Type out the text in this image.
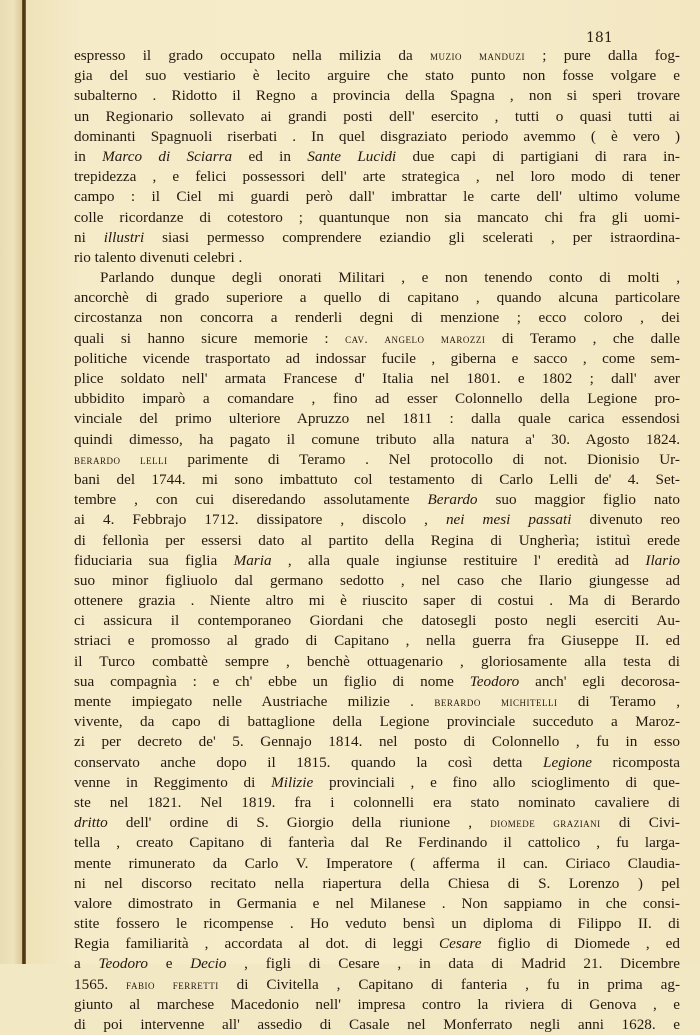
181
espresso il grado occupato nella milizia da muzio manduzi ; pure dalla fog-
gia del suo vestiario è lecito arguire che stato punto non fosse volgare e
subalterno . Ridotto il Regno a provincia della Spagna , non si speri trovare
un Regionario sollevato ai grandi posti dell' esercito , tutti o quasi tutti ai
dominanti Spagnuoli riserbati . In quel disgraziato periodo avemmo ( è vero )
in Marco di Sciarra ed in Sante Lucidi due capi di partigiani di rara in-
trepidezza , e felici possessori dell' arte strategica , nel loro modo di tener
campo : il Ciel mi guardi però dall' imbrattar le carte dell' ultimo volume
colle ricordanze di cotestoro ; quantunque non sia mancato chi fra gli uomi-
ni illustri siasi permesso comprendere eziandio gli scelerati , per istraordina-
rio talento divenuti celebri .
Parlando dunque degli onorati Militari , e non tenendo conto di molti ,
ancorchè di grado superiore a quello di capitano , quando alcuna particolare
circostanza non concorra a renderli degni di menzione ; ecco coloro , dei
quali si hanno sicure memorie : cav. angelo marozzi di Teramo , che dalle
politiche vicende trasportato ad indossar fucile , giberna e sacco , come sem-
plice soldato nell' armata Francese d' Italia nel 1801. e 1802 ; dall' aver
ubbidito imparò a comandare , fino ad esser Colonnello della Legione pro-
vinciale del primo ulteriore Apruzzo nel 1811 : dalla quale carica essendosi
quindi dimesso, ha pagato il comune tributo alla natura a' 30. Agosto 1824.
berardo lelli parimente di Teramo . Nel protocollo di not. Dionisio Ur-
bani del 1744. mi sono imbattuto col testamento di Carlo Lelli de' 4. Set-
tembre , con cui diseredando assolutamente Berardo suo maggior figlio nato
ai 4. Febbrajo 1712. dissipatore , discolo , nei mesi passati divenuto reo
di fellonìa per essersi dato al partito della Regina di Ungherìa; istituì erede
fiduciaria sua figlia Maria , alla quale ingiunse restituire l' eredità ad Ilario
suo minor figliuolo dal germano sedotto , nel caso che Ilario giungesse ad
ottenere grazia . Niente altro mi è riuscito saper di costui . Ma di Berardo
ci assicura il contemporaneo Giordani che datosegli posto negli eserciti Au-
striaci e promosso al grado di Capitano , nella guerra fra Giuseppe II. ed
il Turco combattè sempre , benchè ottuagenario , gloriosamente alla testa di
sua compagnìa : e ch' ebbe un figlio di nome Teodoro anch' egli decorosa-
mente impiegato nelle Austriache milizie . berardo michitelli di Teramo ,
vivente, da capo di battaglione della Legione provinciale succeduto a Maroz-
zi per decreto de' 5. Gennajo 1814. nel posto di Colonnello , fu in esso
conservato anche dopo il 1815. quando la così detta Legione ricomposta
venne in Reggimento di Milizie provinciali , e fino allo scioglimento di que-
ste nel 1821. Nel 1819. fra i colonnelli era stato nominato cavaliere di
dritto dell' ordine di S. Giorgio della riunione , diomede graziani di Civi-
tella , creato Capitano di fanterìa dal Re Ferdinando il cattolico , fu larga-
mente rimunerato da Carlo V. Imperatore ( afferma il can. Ciriaco Claudia-
ni nel discorso recitato nella riapertura della Chiesa di S. Lorenzo ) pel
valore dimostrato in Germania e nel Milanese . Non sappiamo in che consi-
stite fossero le ricompense . Ho veduto bensì un diploma di Filippo II. di
Regia familiarità , accordata al dot. di leggi Cesare figlio di Diomede , ed
a Teodoro e Decio , figli di Cesare , in data di Madrid 21. Dicembre
1565. fabio ferretti di Civitella , Capitano di fanteria , fu in prima ag-
giunto al marchese Macedonio nell' impresa contro la riviera di Genova , e
di poi intervenne all' assedio di Casale nel Monferrato negli anni 1628. e
